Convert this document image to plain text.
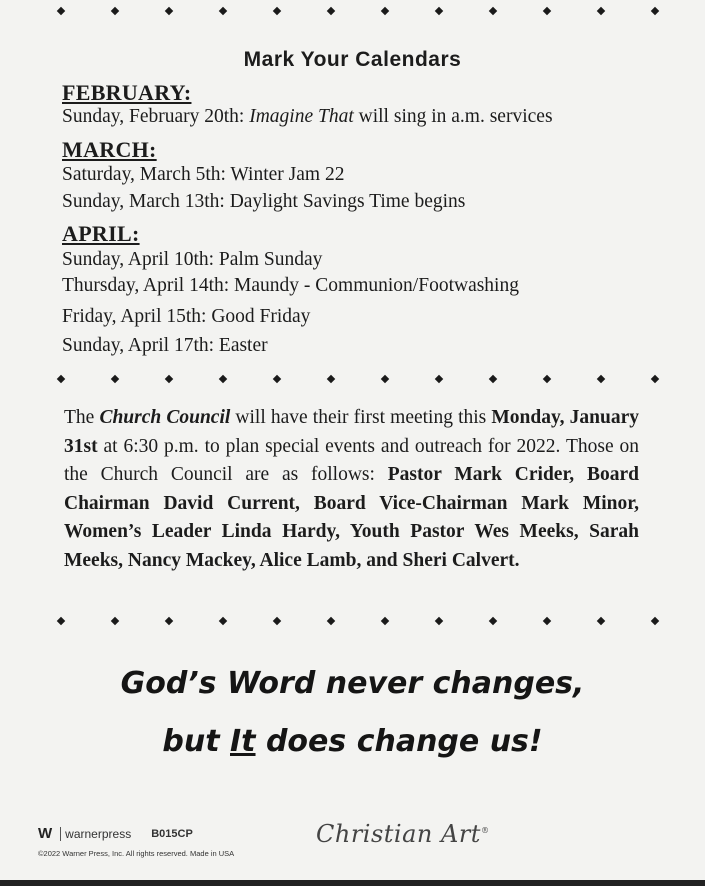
Mark Your Calendars
FEBRUARY:
Sunday, February 20th: Imagine That will sing in a.m. services
MARCH:
Saturday, March 5th: Winter Jam 22
Sunday, March 13th: Daylight Savings Time begins
APRIL:
Sunday, April 10th: Palm Sunday
Thursday, April 14th: Maundy - Communion/Footwashing
Friday, April 15th: Good Friday
Sunday, April 17th: Easter
The Church Council will have their first meeting this Monday, January 31st at 6:30 p.m. to plan special events and outreach for 2022. Those on the Church Council are as follows: Pastor Mark Crider, Board Chairman David Current, Board Vice-Chairman Mark Minor, Women’s Leader Linda Hardy, Youth Pastor Wes Meeks, Sarah Meeks, Nancy Mackey, Alice Lamb, and Sheri Calvert.
God’s Word never changes,
but It does change us!
W warnerpress B015CP
©2022 Warner Press, Inc. All rights reserved. Made in USA
Christian Art®
